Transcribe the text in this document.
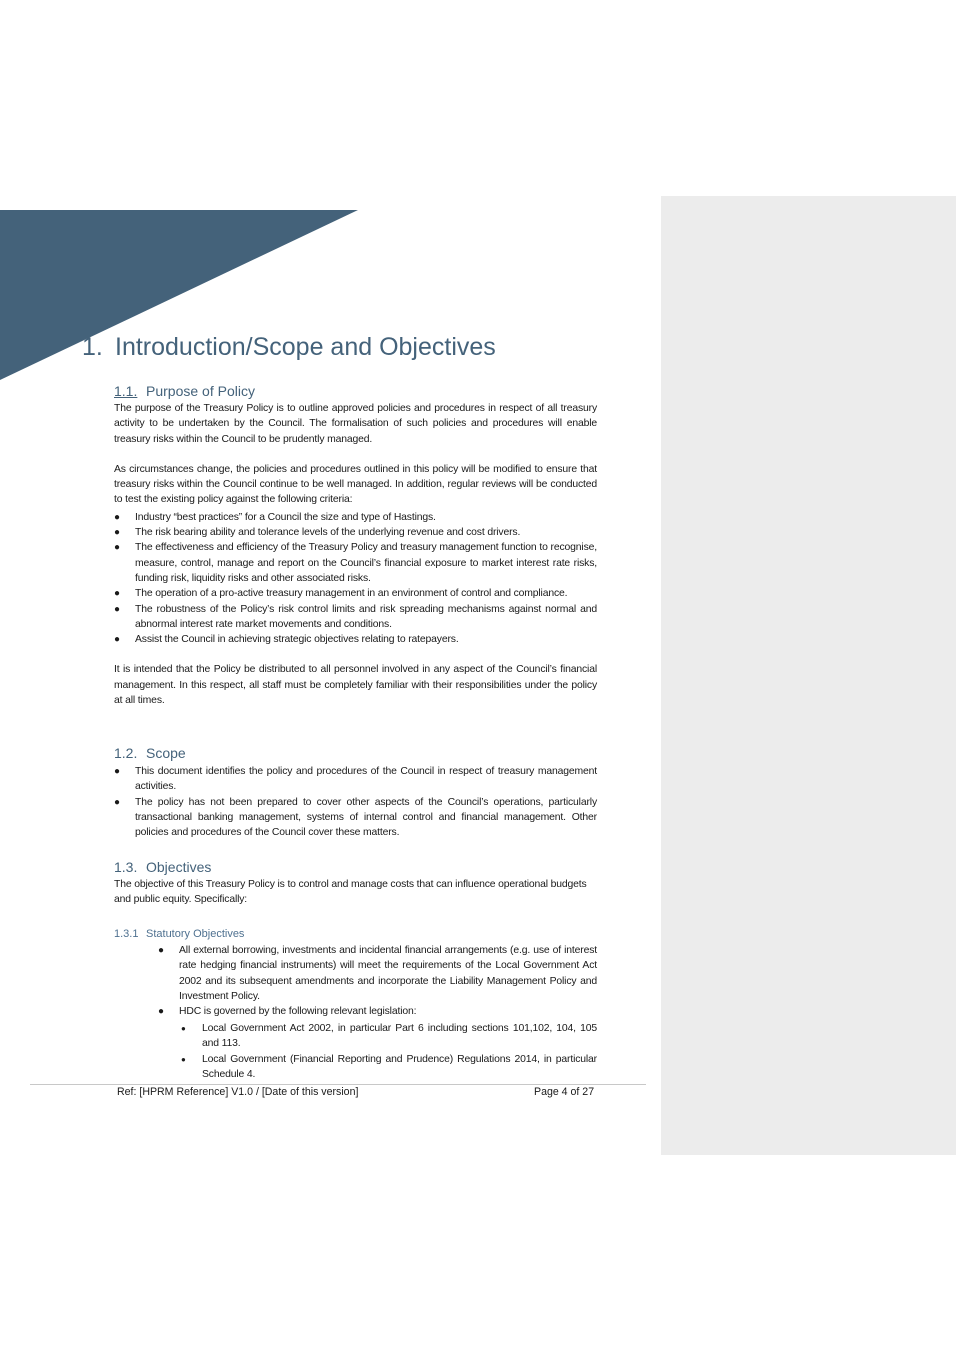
1. Introduction/Scope and Objectives
1.1. Purpose of Policy

The purpose of the Treasury Policy is to outline approved policies and procedures in respect of all treasury activity to be undertaken by the Council. The formalisation of such policies and procedures will enable treasury risks within the Council to be prudently managed.

As circumstances change, the policies and procedures outlined in this policy will be modified to ensure that treasury risks within the Council continue to be well managed. In addition, regular reviews will be conducted to test the existing policy against the following criteria:

● Industry “best practices” for a Council the size and type of Hastings.
● The risk bearing ability and tolerance levels of the underlying revenue and cost drivers.
● The effectiveness and efficiency of the Treasury Policy and treasury management function to recognise, measure, control, manage and report on the Council’s financial exposure to market interest rate risks, funding risk, liquidity risks and other associated risks.
● The operation of a pro-active treasury management in an environment of control and compliance.
● The robustness of the Policy’s risk control limits and risk spreading mechanisms against normal and abnormal interest rate market movements and conditions.
● Assist the Council in achieving strategic objectives relating to ratepayers.

It is intended that the Policy be distributed to all personnel involved in any aspect of the Council’s financial management. In this respect, all staff must be completely familiar with their responsibilities under the policy at all times.

1.2. Scope
● This document identifies the policy and procedures of the Council in respect of treasury management activities.
● The policy has not been prepared to cover other aspects of the Council’s operations, particularly transactional banking management, systems of internal control and financial management. Other policies and procedures of the Council cover these matters.
1.3. Objectives

The objective of this Treasury Policy is to control and manage costs that can influence operational budgets and public equity. Specifically:

1.3.1 Statutory Objectives
● All external borrowing, investments and incidental financial arrangements (e.g. use of interest rate hedging financial instruments) will meet the requirements of the Local Government Act 2002 and its subsequent amendments and incorporate the Liability Management Policy and Investment Policy.
● HDC is governed by the following relevant legislation:
● Local Government Act 2002, in particular Part 6 including sections 101,102, 104, 105 and 113.
● Local Government (Financial Reporting and Prudence) Regulations 2014, in particular Schedule 4.
Ref: [HPRM Reference] V1.0 / [Date of this version]	Page 4 of 27
